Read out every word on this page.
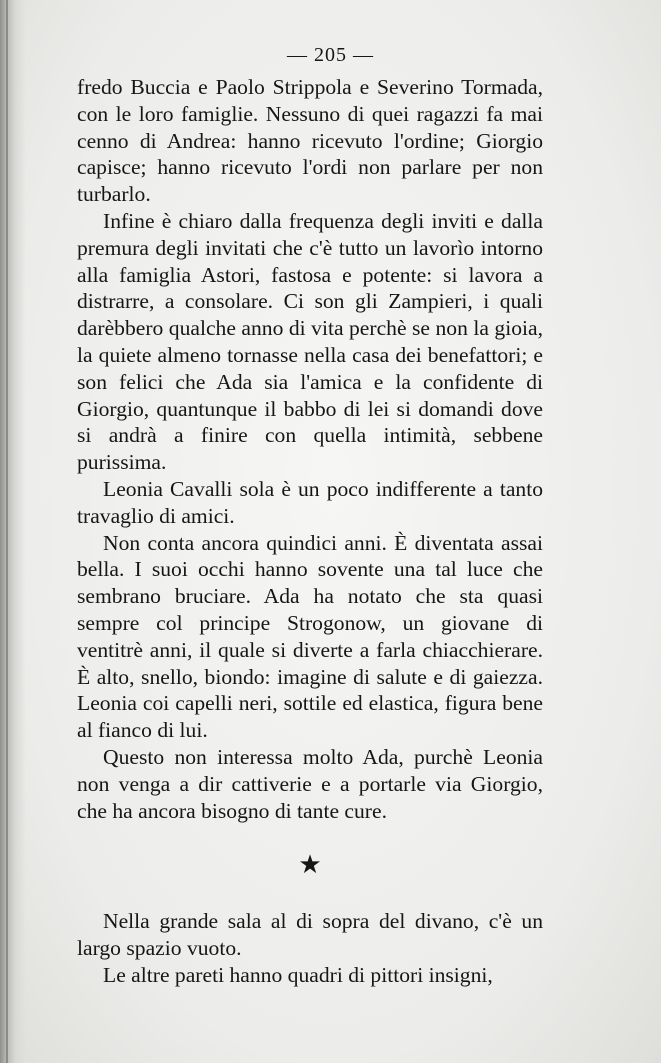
— 205 —

fredo Buccia e Paolo Strippola e Severino Tormada, con le loro famiglie. Nessuno di quei ragazzi fa mai cenno di Andrea: hanno ricevuto l'ordine; Giorgio capisce; hanno ricevuto l'ordi non parlare per non turbarlo.

Infine è chiaro dalla frequenza degli inviti e dalla premura degli invitati che c'è tutto un lavorìo intorno alla famiglia Astori, fastosa e potente: si lavora a distrarre, a consolare. Ci son gli Zampieri, i quali darèbbero qualche anno di vita perchè se non la gioia, la quiete almeno tornasse nella casa dei benefattori; e son felici che Ada sia l'amica e la confidente di Giorgio, quantunque il babbo di lei si domandi dove si andrà a finire con quella intimità, sebbene purissima.

Leonia Cavalli sola è un poco indifferente a tanto travaglio di amici.

Non conta ancora quindici anni. È diventata assai bella. I suoi occhi hanno sovente una tal luce che sembrano bruciare. Ada ha notato che sta quasi sempre col principe Strogonow, un giovane di ventitrè anni, il quale si diverte a farla chiacchierare. È alto, snello, biondo: imagine di salute e di gaiezza. Leonia coi capelli neri, sottile ed elastica, figura bene al fianco di lui.

Questo non interessa molto Ada, purchè Leonia non venga a dir cattiverie e a portarle via Giorgio, che ha ancora bisogno di tante cure.

★

Nella grande sala al di sopra del divano, c'è un largo spazio vuoto.

Le altre pareti hanno quadri di pittori insigni,
